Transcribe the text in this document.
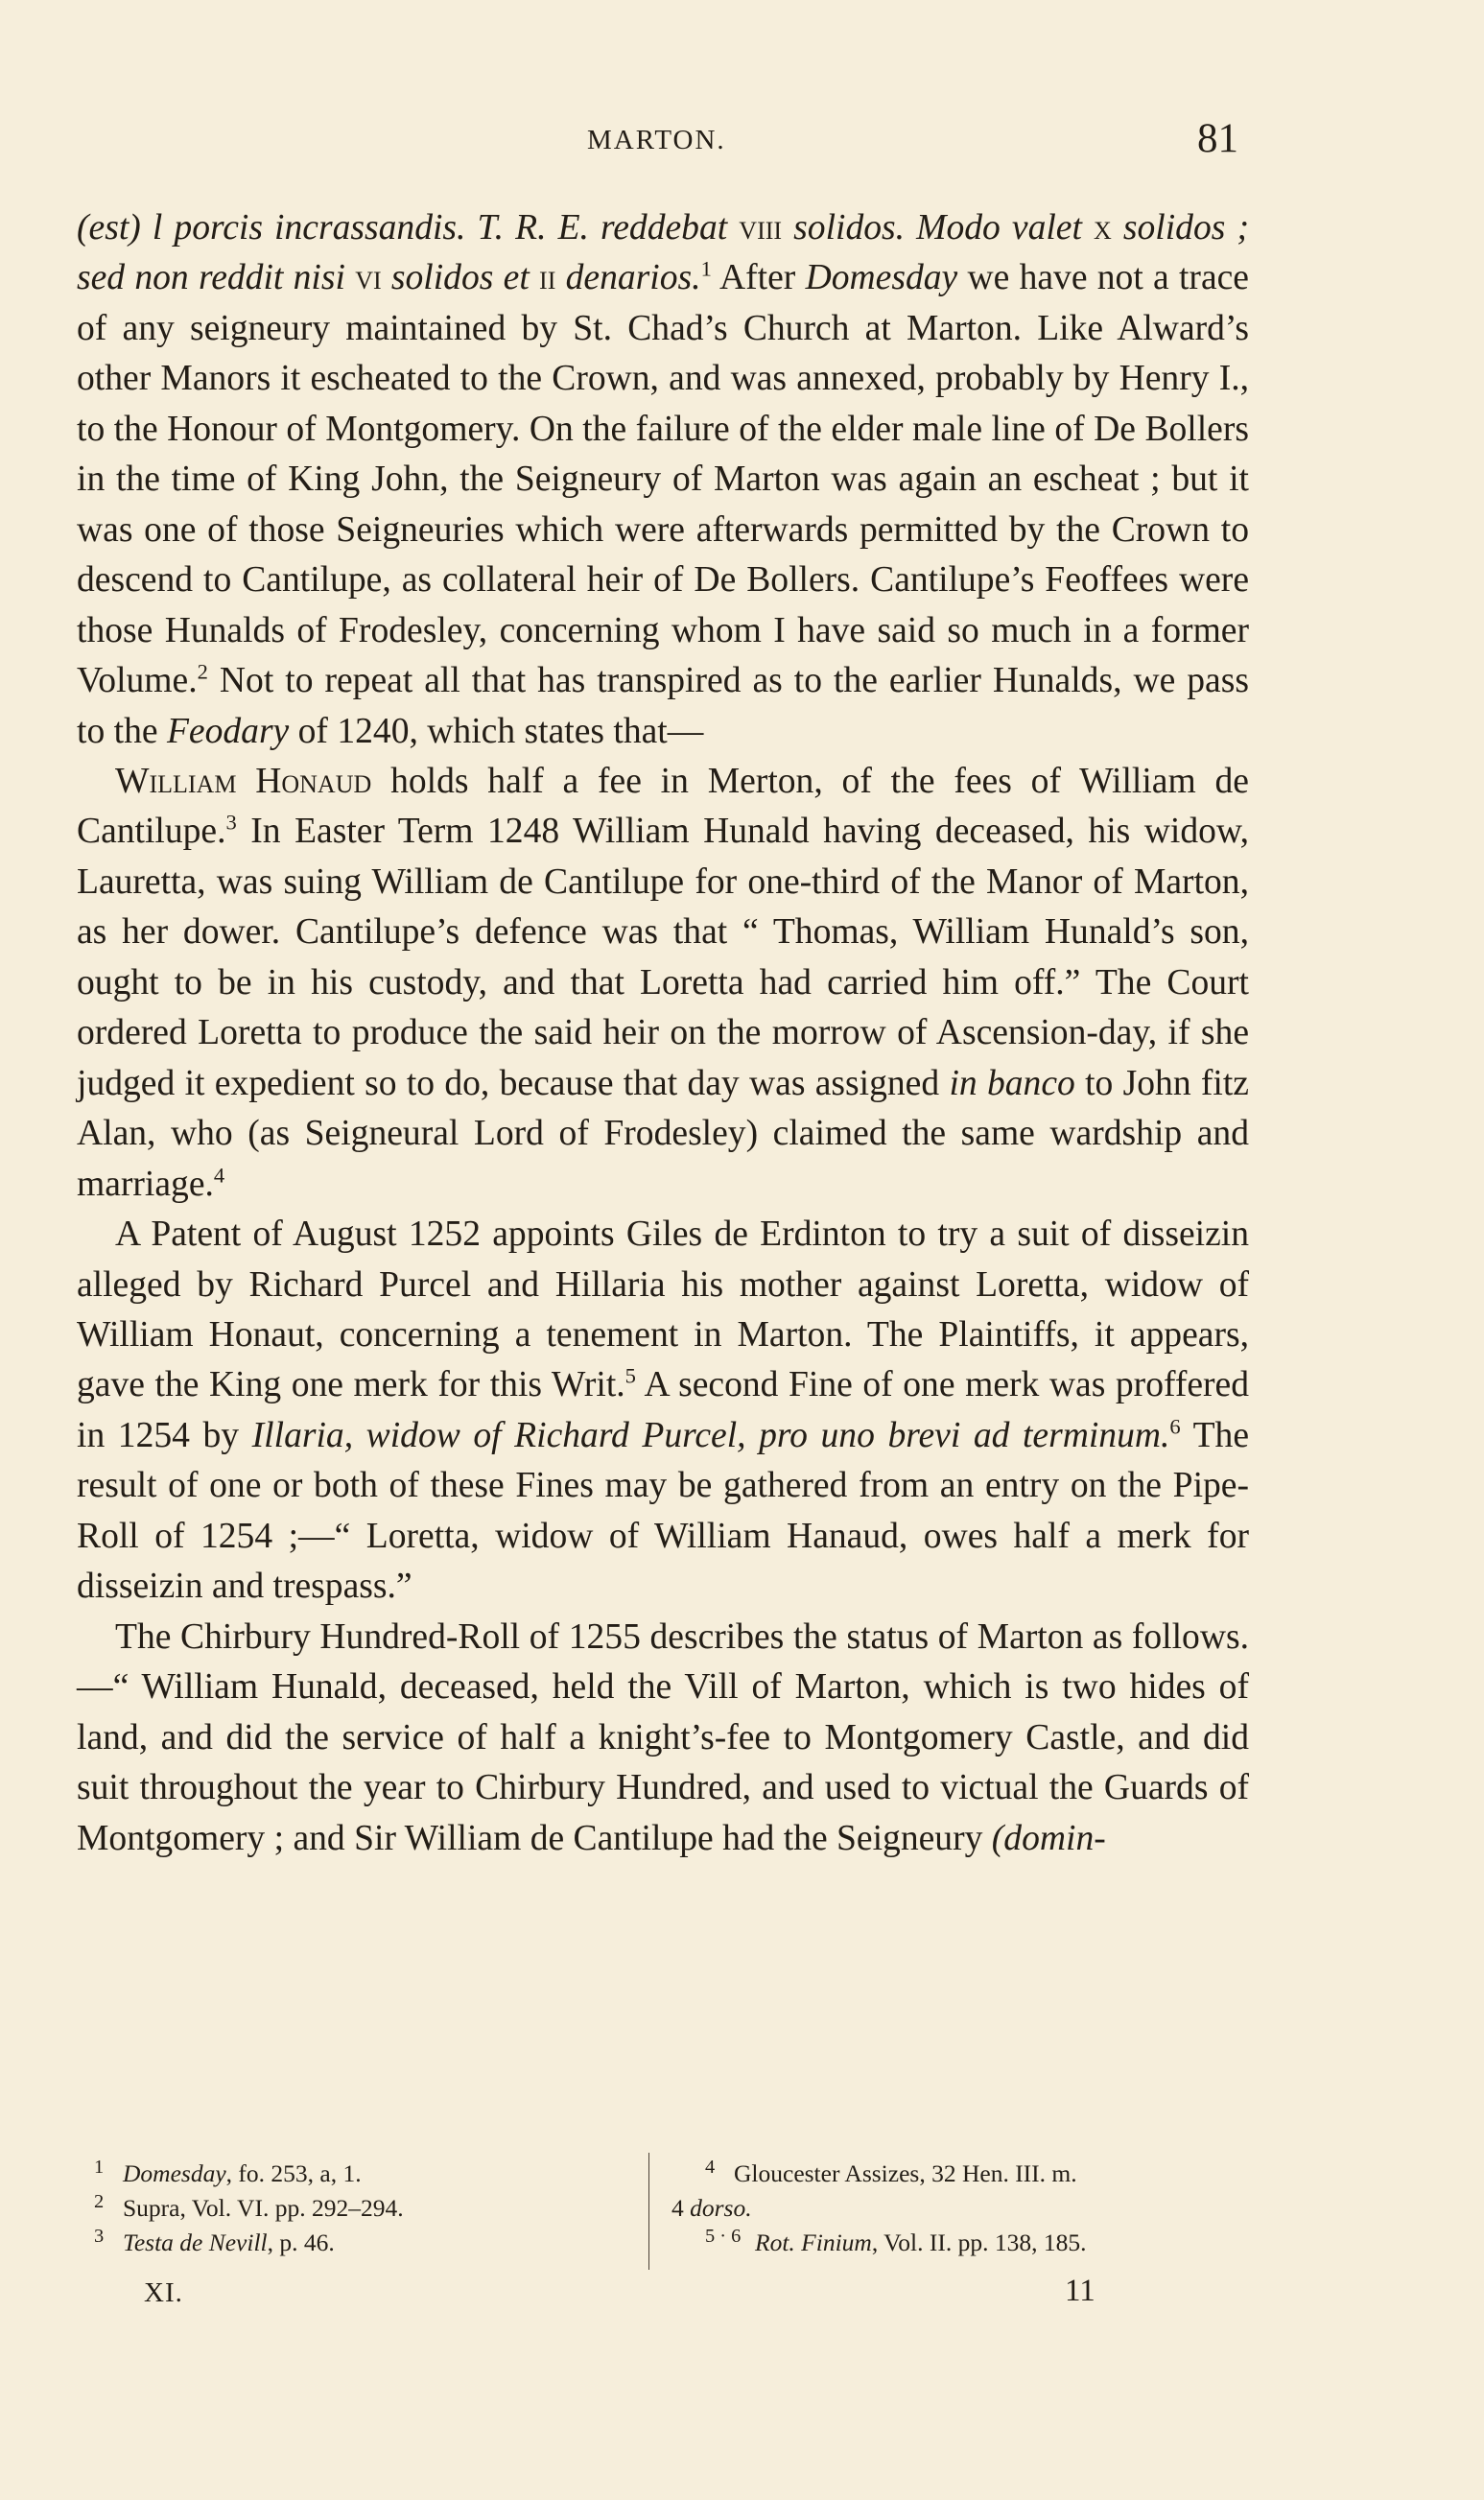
MARTON.	81

(est) l porcis incrassandis. T. R. E. reddebat viii solidos. Modo valet x solidos ; sed non reddit nisi vi solidos et ii denarios.$^1$ After Domesday we have not a trace of any seigneury maintained by St. Chad’s Church at Marton. Like Alward’s other Manors it escheated to the Crown, and was annexed, probably by Henry I., to the Honour of Montgomery. On the failure of the elder male line of De Bollers in the time of King John, the Seigneury of Marton was again an escheat ; but it was one of those Seigneuries which were afterwards permitted by the Crown to descend to Cantilupe, as collateral heir of De Bollers. Cantilupe’s Feoffees were those Hunalds of Frodesley, concerning whom I have said so much in a former Volume.$^2$ Not to repeat all that has transpired as to the earlier Hunalds, we pass to the Feodary of 1240, which states that—

William Honaud holds half a fee in Merton, of the fees of William de Cantilupe.$^3$ In Easter Term 1248 William Hunald having deceased, his widow, Lauretta, was suing William de Cantilupe for one-third of the Manor of Marton, as her dower. Cantilupe’s defence was that “ Thomas, William Hunald’s son, ought to be in his custody, and that Loretta had carried him off.” The Court ordered Loretta to produce the said heir on the morrow of Ascension-day, if she judged it expedient so to do, because that day was assigned in banco to John fitz Alan, who (as Seigneural Lord of Frodesley) claimed the same wardship and marriage.$^4$

A Patent of August 1252 appoints Giles de Erdinton to try a suit of disseizin alleged by Richard Purcel and Hillaria his mother against Loretta, widow of William Honaut, concerning a tenement in Marton. The Plaintiffs, it appears, gave the King one merk for this Writ.$^5$ A second Fine of one merk was proffered in 1254 by Illaria, widow of Richard Purcel, pro uno brevi ad terminum.$^6$ The result of one or both of these Fines may be gathered from an entry on the Pipe-Roll of 1254 ;—“ Loretta, widow of William Hanaud, owes half a merk for disseizin and trespass.”

The Chirbury Hundred-Roll of 1255 describes the status of Marton as follows.—“ William Hunald, deceased, held the Vill of Marton, which is two hides of land, and did the service of half a knight’s-fee to Montgomery Castle, and did suit throughout the year to Chirbury Hundred, and used to victual the Guards of Montgomery ; and Sir William de Cantilupe had the Seigneury (domin-

1 Domesday, fo. 253, a, 1.
2 Supra, Vol. VI. pp. 292–294.
3 Testa de Nevill, p. 46.
4 Gloucester Assizes, 32 Hen. III. m.
4 dorso.
5 · 6 Rot. Finium, Vol. II. pp. 138, 185.
XI.	11
